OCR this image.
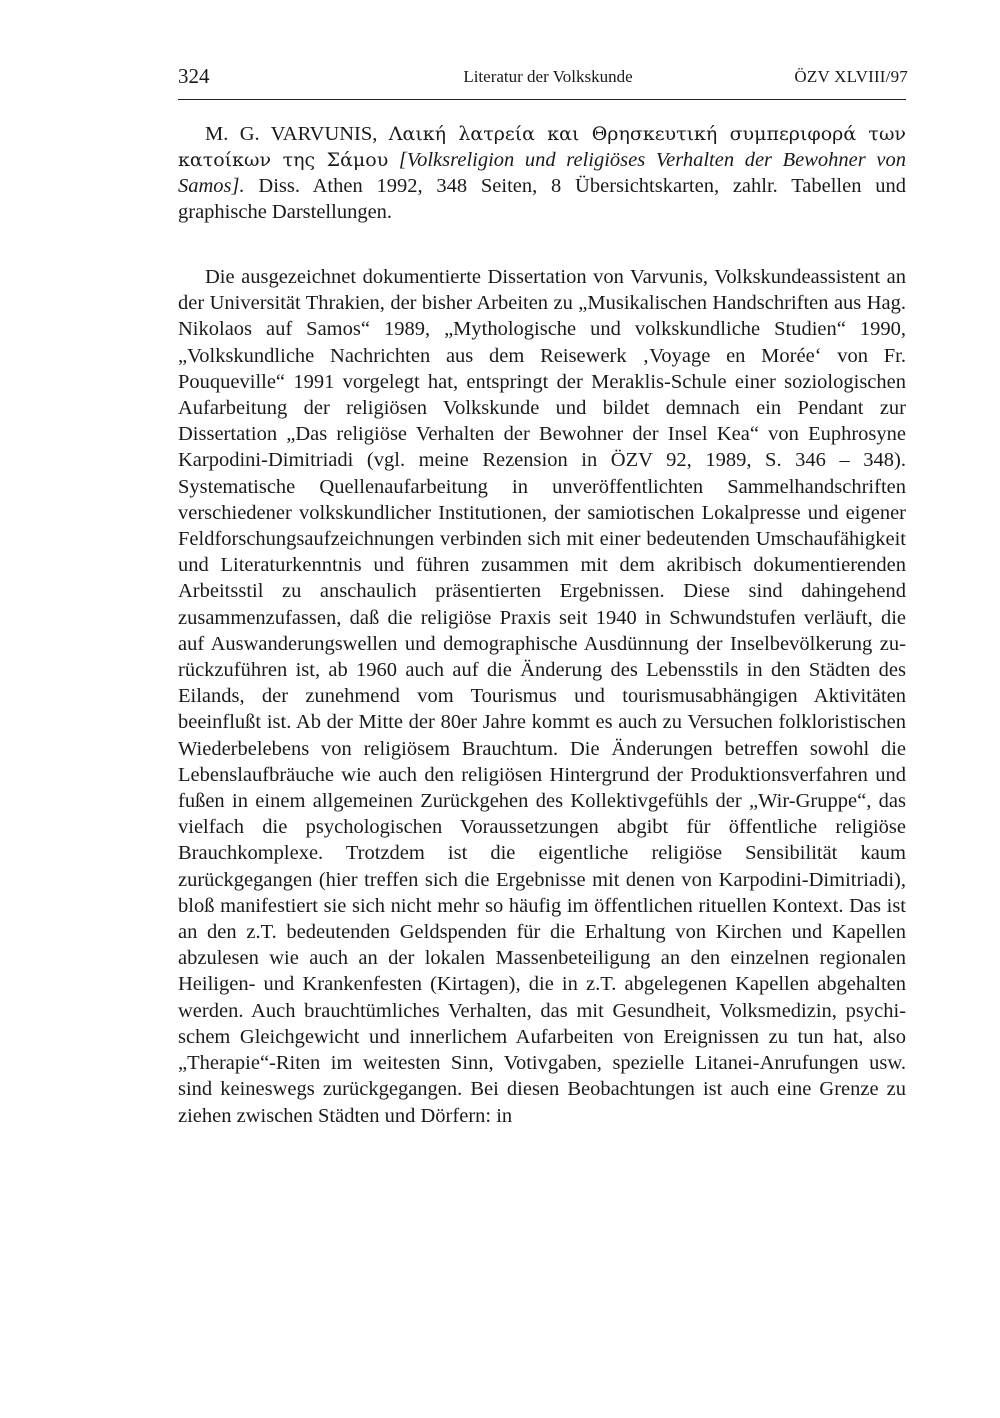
324	Literatur der Volkskunde	ÖZV XLVIII/97
M. G. VARVUNIS, Λαική λατρεία και Θρησκευτική συμπεριφορά των κατοίκων της Σάμου [Volksreligion und religiöses Verhalten der Bewohner von Samos]. Diss. Athen 1992, 348 Seiten, 8 Übersichtskarten, zahlr. Tabellen und graphische Darstellungen.

Die ausgezeichnet dokumentierte Dissertation von Varvunis, Volkskundeassistent an der Universität Thrakien, der bisher Arbeiten zu „Musikalischen Handschriften aus Hag. Nikolaos auf Samos“ 1989, „Mythologische und volkskundliche Studien“ 1990, „Volkskundliche Nachrichten aus dem Reisewerk ‚Voyage en Morée‘ von Fr. Pouqueville“ 1991 vorgelegt hat, entspringt der Meraklis-Schule einer soziologischen Aufarbeitung der religiösen Volkskunde und bildet demnach ein Pendant zur Dissertation „Das religiöse Verhalten der Bewohner der Insel Kea“ von Euphrosyne Karpodini-Dimitriadi (vgl. meine Rezension in ÖZV 92, 1989, S. 346 – 348). Systematische Quellenaufarbeitung in unveröffentlichten Sammelhandschriften verschiedener volkskundlicher Institutionen, der samiotischen Lokalpresse und eigener Feldforschungsaufzeichnungen verbinden sich mit einer bedeutenden Umschaufähigkeit und Literaturkenntnis und führen zusammen mit dem akribisch dokumentierenden Arbeitsstil zu anschaulich präsentierten Ergebnissen. Diese sind dahingehend zusammenzufassen, daß die religiöse Praxis seit 1940 in Schwundstufen verläuft, die auf Auswanderungswellen und demographische Ausdünnung der Inselbevölkerung zurückzuführen ist, ab 1960 auch auf die Änderung des Lebensstils in den Städten des Eilands, der zunehmend vom Tourismus und tourismusabhängigen Aktivitäten beeinflußt ist. Ab der Mitte der 80er Jahre kommt es auch zu Versuchen folkloristischen Wiederbelebens von religiösem Brauchtum. Die Änderungen betreffen sowohl die Lebenslaufbräuche wie auch den religiösen Hintergrund der Produktionsverfahren und fußen in einem allgemeinen Zurückgehen des Kollektivgefühls der „Wir-Gruppe“, das vielfach die psychologischen Voraussetzungen abgibt für öffentliche religiöse Brauchkomplexe. Trotzdem ist die eigentliche religiöse Sensibilität kaum zurückgegangen (hier treffen sich die Ergebnisse mit denen von Karpodini-Dimitriadi), bloß manifestiert sie sich nicht mehr so häufig im öffentlichen rituellen Kontext. Das ist an den z.T. bedeutenden Geldspenden für die Erhaltung von Kirchen und Kapellen abzulesen wie auch an der lokalen Massenbeteiligung an den einzelnen regionalen Heiligen- und Krankenfesten (Kirtagen), die in z.T. abgelegenen Kapellen abgehalten werden. Auch brauchtümliches Verhalten, das mit Gesundheit, Volksmedizin, psychischem Gleichgewicht und innerlichem Aufarbeiten von Ereignissen zu tun hat, also „Therapie“-Riten im weitesten Sinn, Votivgaben, spezielle Litanei-Anrufungen usw. sind keineswegs zurückgegangen. Bei diesen Beobachtungen ist auch eine Grenze zu ziehen zwischen Städten und Dörfern: in
